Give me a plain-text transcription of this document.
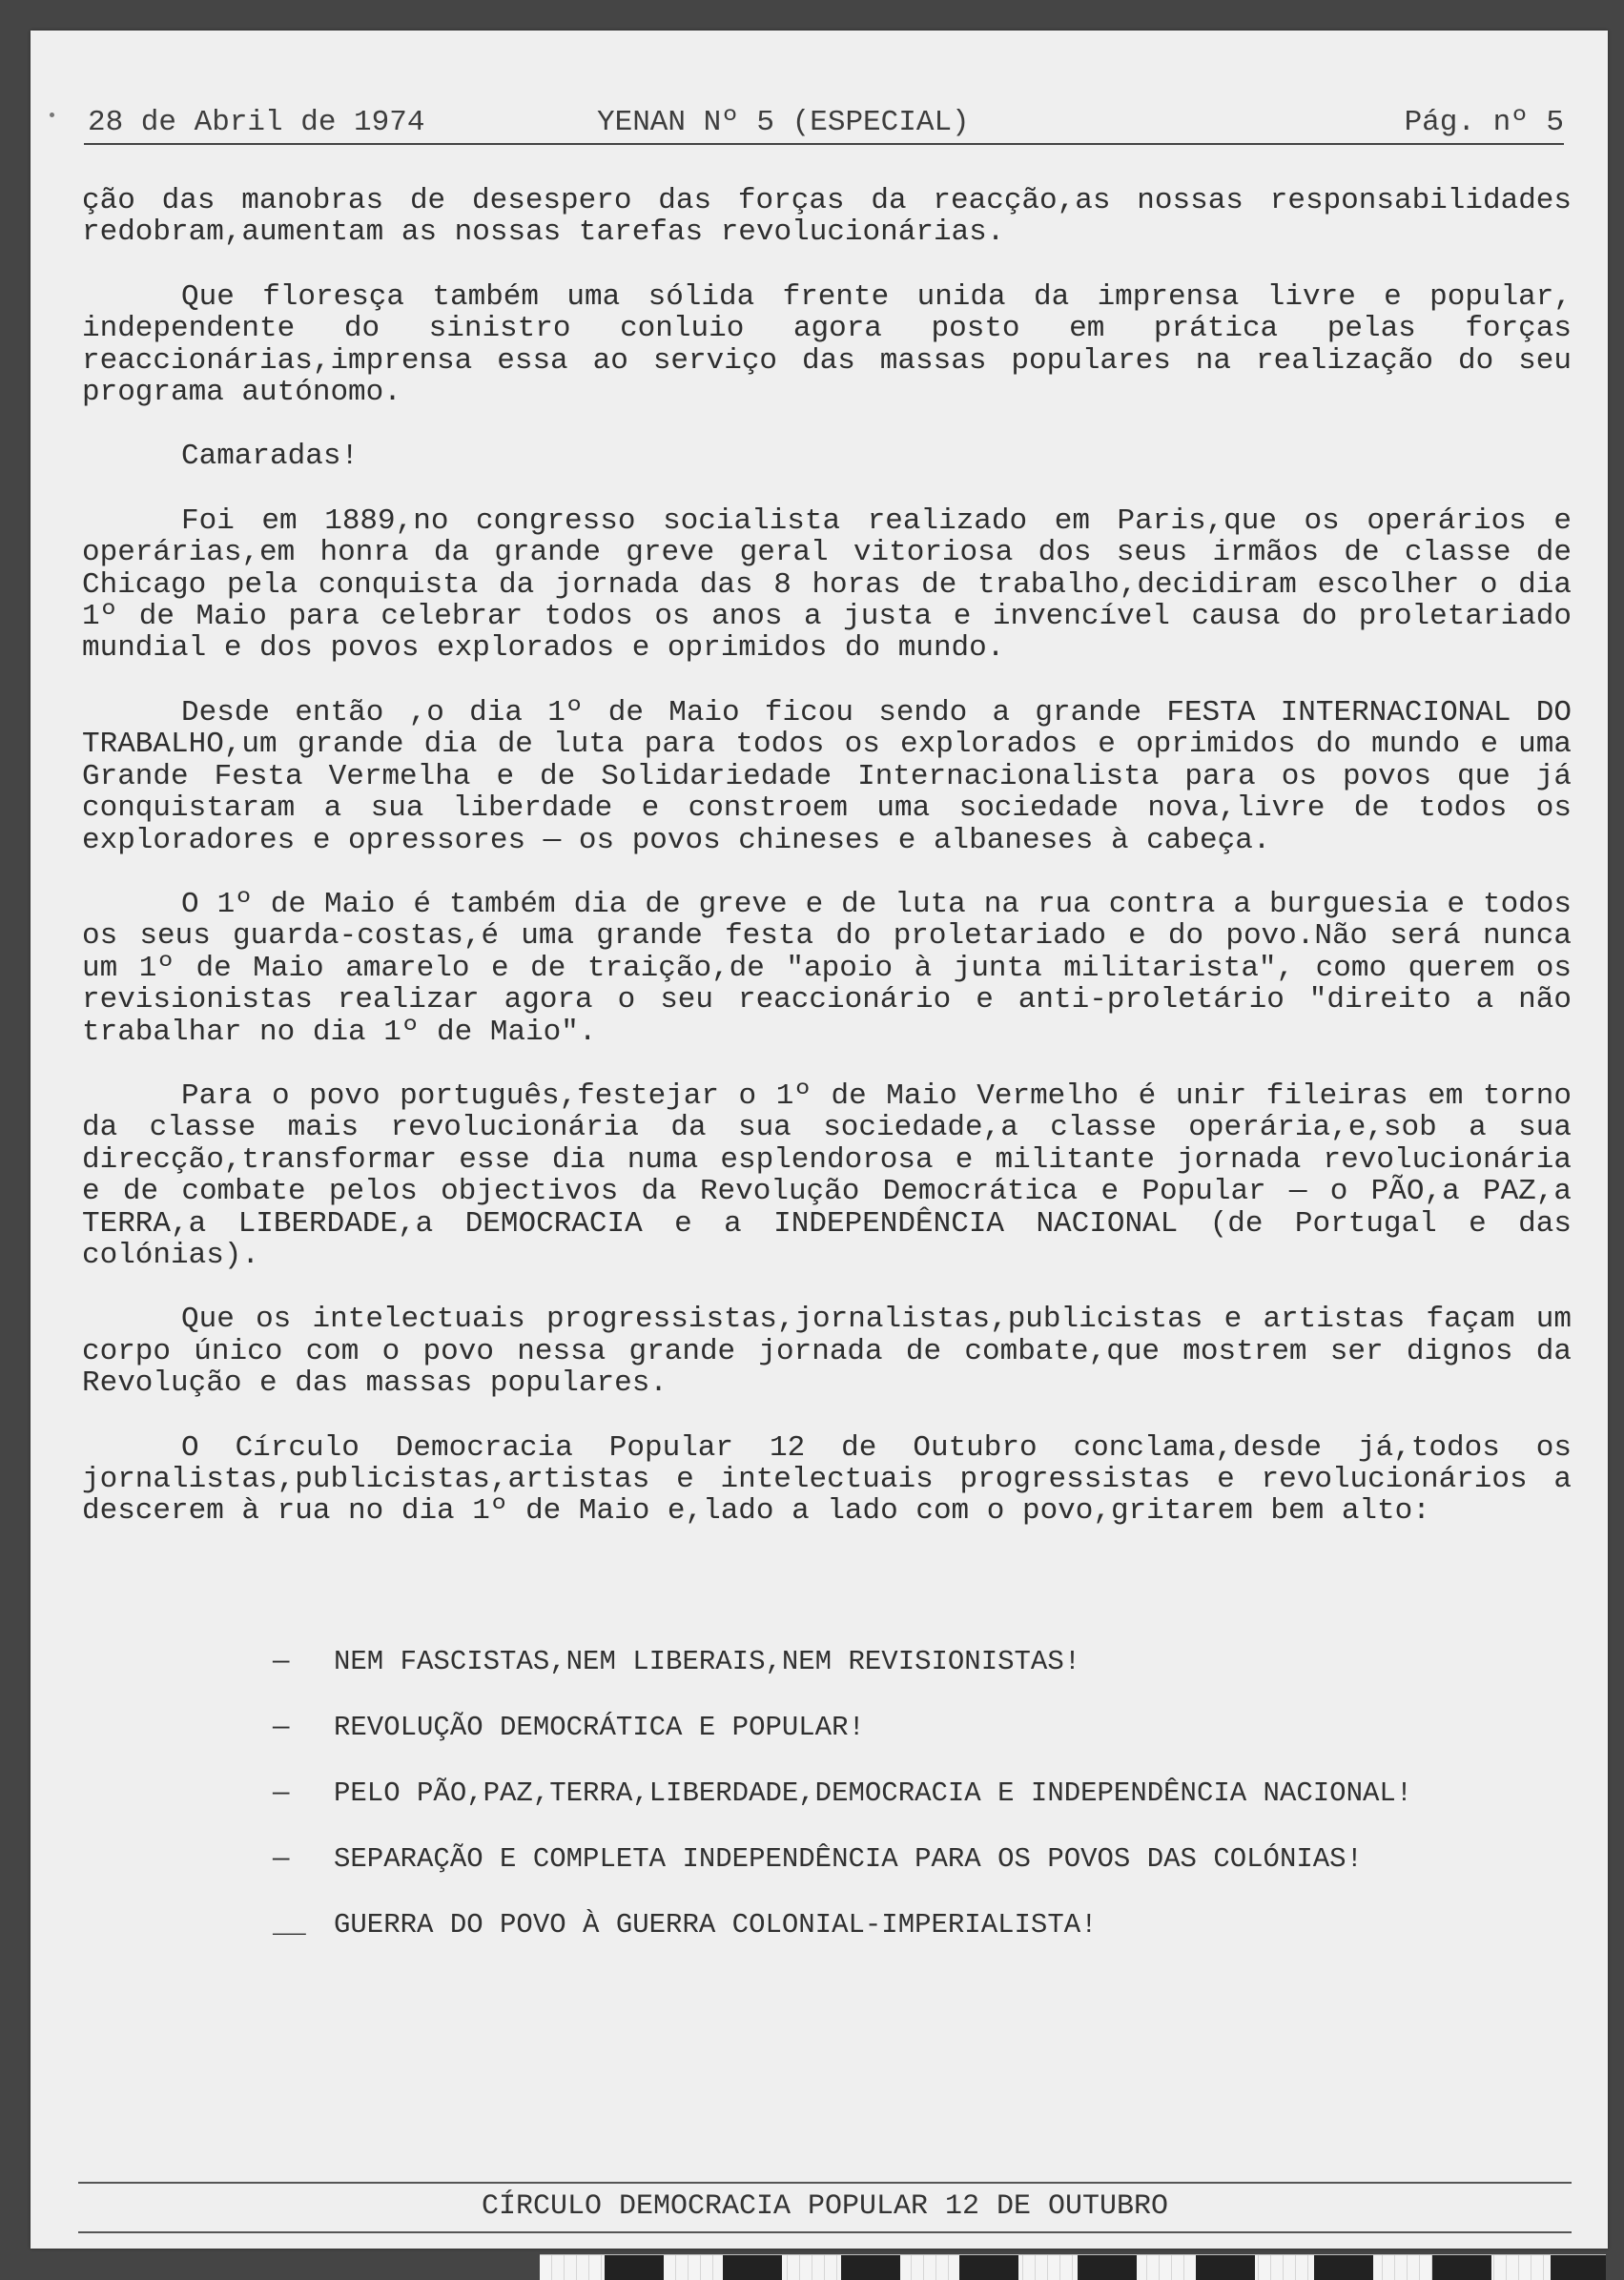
28 de Abril de 1974	YENAN Nº 5 (ESPECIAL)	Pág. nº 5

ção das manobras de desespero das forças da reacção,as nossas responsabilidades redobram,aumentam as nossas tarefas revolucionárias.

Que floresça também uma sólida frente unida da imprensa livre e popular, independente do sinistro conluio agora posto em prática pelas forças reaccionárias,imprensa essa ao serviço das massas populares na realização do seu programa autónomo.

Camaradas!

Foi em 1889,no congresso socialista realizado em Paris,que os operários e operárias,em honra da grande greve geral vitoriosa dos seus irmãos de classe de Chicago pela conquista da jornada das 8 horas de trabalho,decidiram escolher o dia 1º de Maio para celebrar todos os anos a justa e invencível causa do proletariado mundial e dos povos explorados e oprimidos do mundo.

Desde então ,o dia 1º de Maio ficou sendo a grande FESTA INTERNACIONAL DO TRABALHO,um grande dia de luta para todos os explorados e oprimidos do mundo e uma Grande Festa Vermelha e de Solidariedade Internacionalista para os povos que já conquistaram a sua liberdade e constroem uma sociedade nova,livre de todos os exploradores e opressores — os povos chineses e albaneses à cabeça.

O 1º de Maio é também dia de greve e de luta na rua contra a burguesia e todos os seus guarda-costas,é uma grande festa do proletariado e do povo.Não será nunca um 1º de Maio amarelo e de traição,de "apoio à junta militarista", como querem os revisionistas realizar agora o seu reaccionário e anti-proletário "direito a não trabalhar no dia 1º de Maio".

Para o povo português,festejar o 1º de Maio Vermelho é unir fileiras em torno da classe mais revolucionária da sua sociedade,a classe operária,e,sob a sua direcção,transformar esse dia numa esplendorosa e militante jornada revolucionária e de combate pelos objectivos da Revolução Democrática e Popular — o PÃO,a PAZ,a TERRA,a LIBERDADE,a DEMOCRACIA e a INDEPENDÊNCIA NACIONAL (de Portugal e das colónias).

Que os intelectuais progressistas,jornalistas,publicistas e artistas façam um corpo único com o povo nessa grande jornada de combate,que mostrem ser dignos da Revolução e das massas populares.

O Círculo Democracia Popular 12 de Outubro conclama,desde já,todos os jornalistas,publicistas,artistas e intelectuais progressistas e revolucionários a descerem à rua no dia 1º de Maio e,lado a lado com o povo,gritarem bem alto:

—	NEM FASCISTAS,NEM LIBERAIS,NEM REVISIONISTAS!
—	REVOLUÇÃO DEMOCRÁTICA E POPULAR!
—	PELO PÃO,PAZ,TERRA,LIBERDADE,DEMOCRACIA E INDEPENDÊNCIA NACIONAL!
—	SEPARAÇÃO E COMPLETA INDEPENDÊNCIA PARA OS POVOS DAS COLÓNIAS!
__	GUERRA DO POVO À GUERRA COLONIAL-IMPERIALISTA!
CÍRCULO DEMOCRACIA POPULAR 12 DE OUTUBRO
